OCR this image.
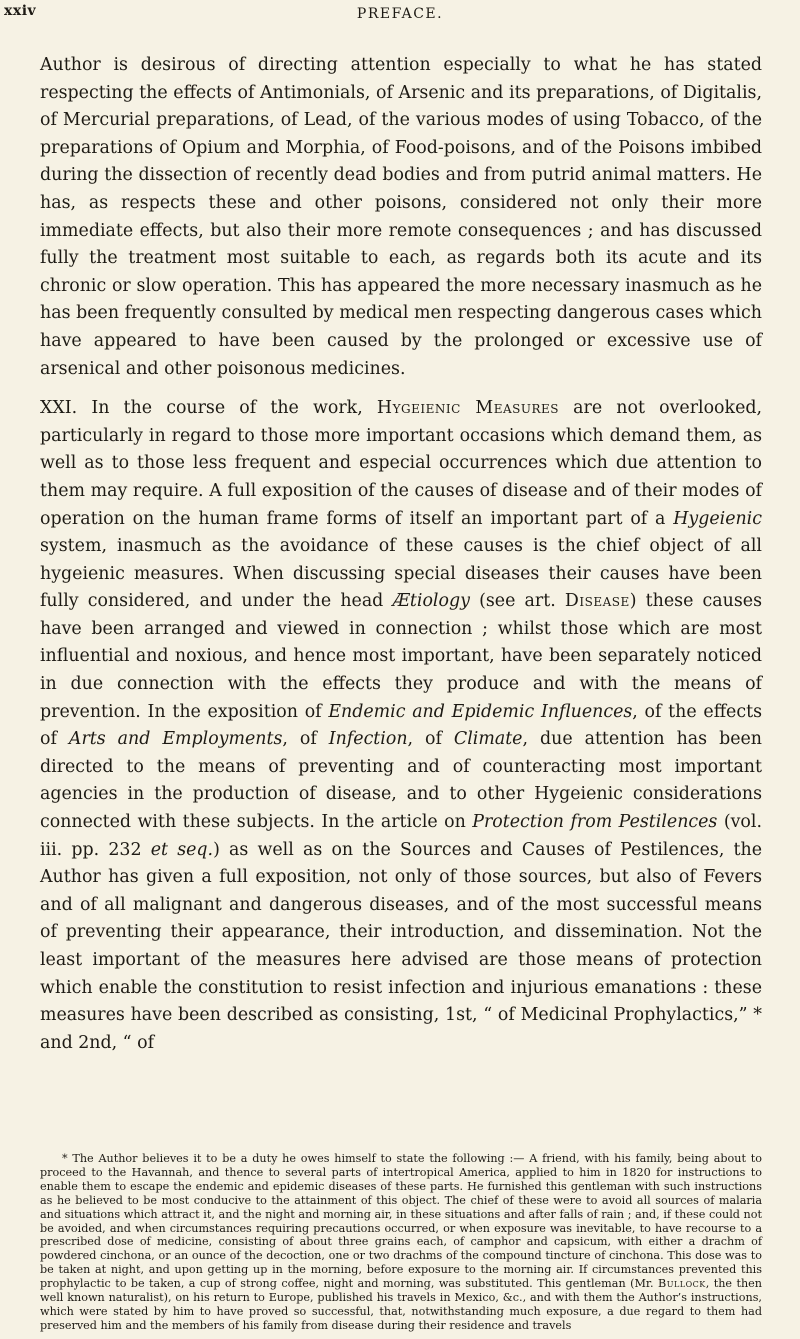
xxiv	PREFACE.

Author is desirous of directing attention especially to what he has stated respecting the effects of Antimonials, of Arsenic and its preparations, of Digitalis, of Mercurial preparations, of Lead, of the various modes of using Tobacco, of the preparations of Opium and Morphia, of Food-poisons, and of the Poisons imbibed during the dissection of recently dead bodies and from putrid animal matters. He has, as respects these and other poisons, considered not only their more immediate effects, but also their more remote consequences ; and has discussed fully the treatment most suitable to each, as regards both its acute and its chronic or slow operation. This has appeared the more necessary inasmuch as he has been frequently consulted by medical men respecting dangerous cases which have appeared to have been caused by the prolonged or excessive use of arsenical and other poisonous medicines.

XXI. In the course of the work, Hygeienic Measures are not overlooked, particularly in regard to those more important occasions which demand them, as well as to those less frequent and especial occurrences which due attention to them may require. A full exposition of the causes of disease and of their modes of operation on the human frame forms of itself an important part of a Hygeienic system, inasmuch as the avoidance of these causes is the chief object of all hygeienic measures. When discussing special diseases their causes have been fully considered, and under the head Ætiology (see art. Disease) these causes have been arranged and viewed in connection ; whilst those which are most influential and noxious, and hence most important, have been separately noticed in due connection with the effects they produce and with the means of prevention. In the exposition of Endemic and Epidemic Influences, of the effects of Arts and Employments, of Infection, of Climate, due attention has been directed to the means of preventing and of counteracting most important agencies in the production of disease, and to other Hygeienic considerations connected with these subjects. In the article on Protection from Pestilences (vol. iii. pp. 232 et seq.) as well as on the Sources and Causes of Pestilences, the Author has given a full exposition, not only of those sources, but also of Fevers and of all malignant and dangerous diseases, and of the most successful means of preventing their appearance, their introduction, and dissemination. Not the least important of the measures here advised are those means of protection which enable the constitution to resist infection and injurious emanations : these measures have been described as consisting, 1st, “ of Medicinal Prophylactics,” * and 2nd, “ of

* The Author believes it to be a duty he owes himself to state the following :— A friend, with his family, being about to proceed to the Havannah, and thence to several parts of intertropical America, applied to him in 1820 for instructions to enable them to escape the endemic and epidemic diseases of these parts. He furnished this gentleman with such instructions as he believed to be most conducive to the attainment of this object. The chief of these were to avoid all sources of malaria and situations which attract it, and the night and morning air, in these situations and after falls of rain ; and, if these could not be avoided, and when circumstances requiring precautions occurred, or when exposure was inevitable, to have recourse to a prescribed dose of medicine, consisting of about three grains each, of camphor and capsicum, with either a drachm of powdered cinchona, or an ounce of the decoction, one or two drachms of the compound tincture of cinchona. This dose was to be taken at night, and upon getting up in the morning, before exposure to the morning air. If circumstances prevented this prophylactic to be taken, a cup of strong coffee, night and morning, was substituted. This gentleman (Mr. Bullock, the then well known naturalist), on his return to Europe, published his travels in Mexico, &c., and with them the Author’s instructions, which were stated by him to have proved so successful, that, notwithstanding much exposure, a due regard to them had preserved him and the members of his family from disease during their residence and travels
